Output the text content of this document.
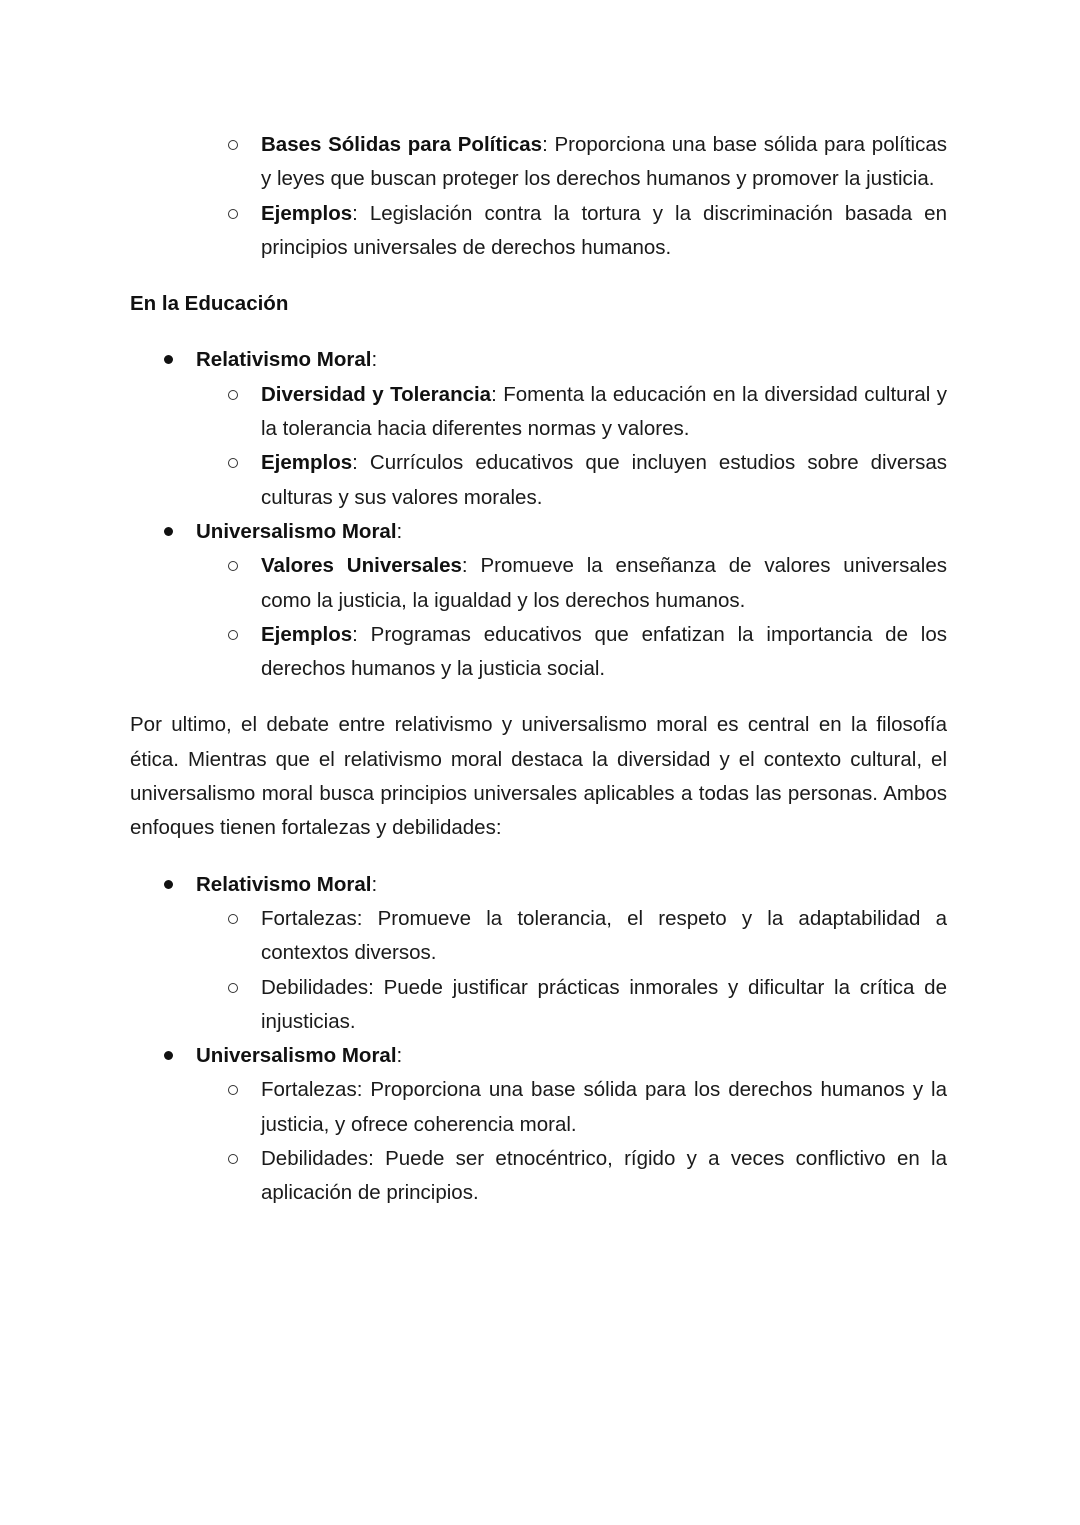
Bases Sólidas para Políticas: Proporciona una base sólida para políticas y leyes que buscan proteger los derechos humanos y promover la justicia.
Ejemplos: Legislación contra la tortura y la discriminación basada en principios universales de derechos humanos.
En la Educación
Relativismo Moral:
Diversidad y Tolerancia: Fomenta la educación en la diversidad cultural y la tolerancia hacia diferentes normas y valores.
Ejemplos: Currículos educativos que incluyen estudios sobre diversas culturas y sus valores morales.
Universalismo Moral:
Valores Universales: Promueve la enseñanza de valores universales como la justicia, la igualdad y los derechos humanos.
Ejemplos: Programas educativos que enfatizan la importancia de los derechos humanos y la justicia social.

Por ultimo, el debate entre relativismo y universalismo moral es central en la filosofía ética. Mientras que el relativismo moral destaca la diversidad y el contexto cultural, el universalismo moral busca principios universales aplicables a todas las personas. Ambos enfoques tienen fortalezas y debilidades:

Relativismo Moral:
Fortalezas: Promueve la tolerancia, el respeto y la adaptabilidad a contextos diversos.
Debilidades: Puede justificar prácticas inmorales y dificultar la crítica de injusticias.
Universalismo Moral:
Fortalezas: Proporciona una base sólida para los derechos humanos y la justicia, y ofrece coherencia moral.
Debilidades: Puede ser etnocéntrico, rígido y a veces conflictivo en la aplicación de principios.
